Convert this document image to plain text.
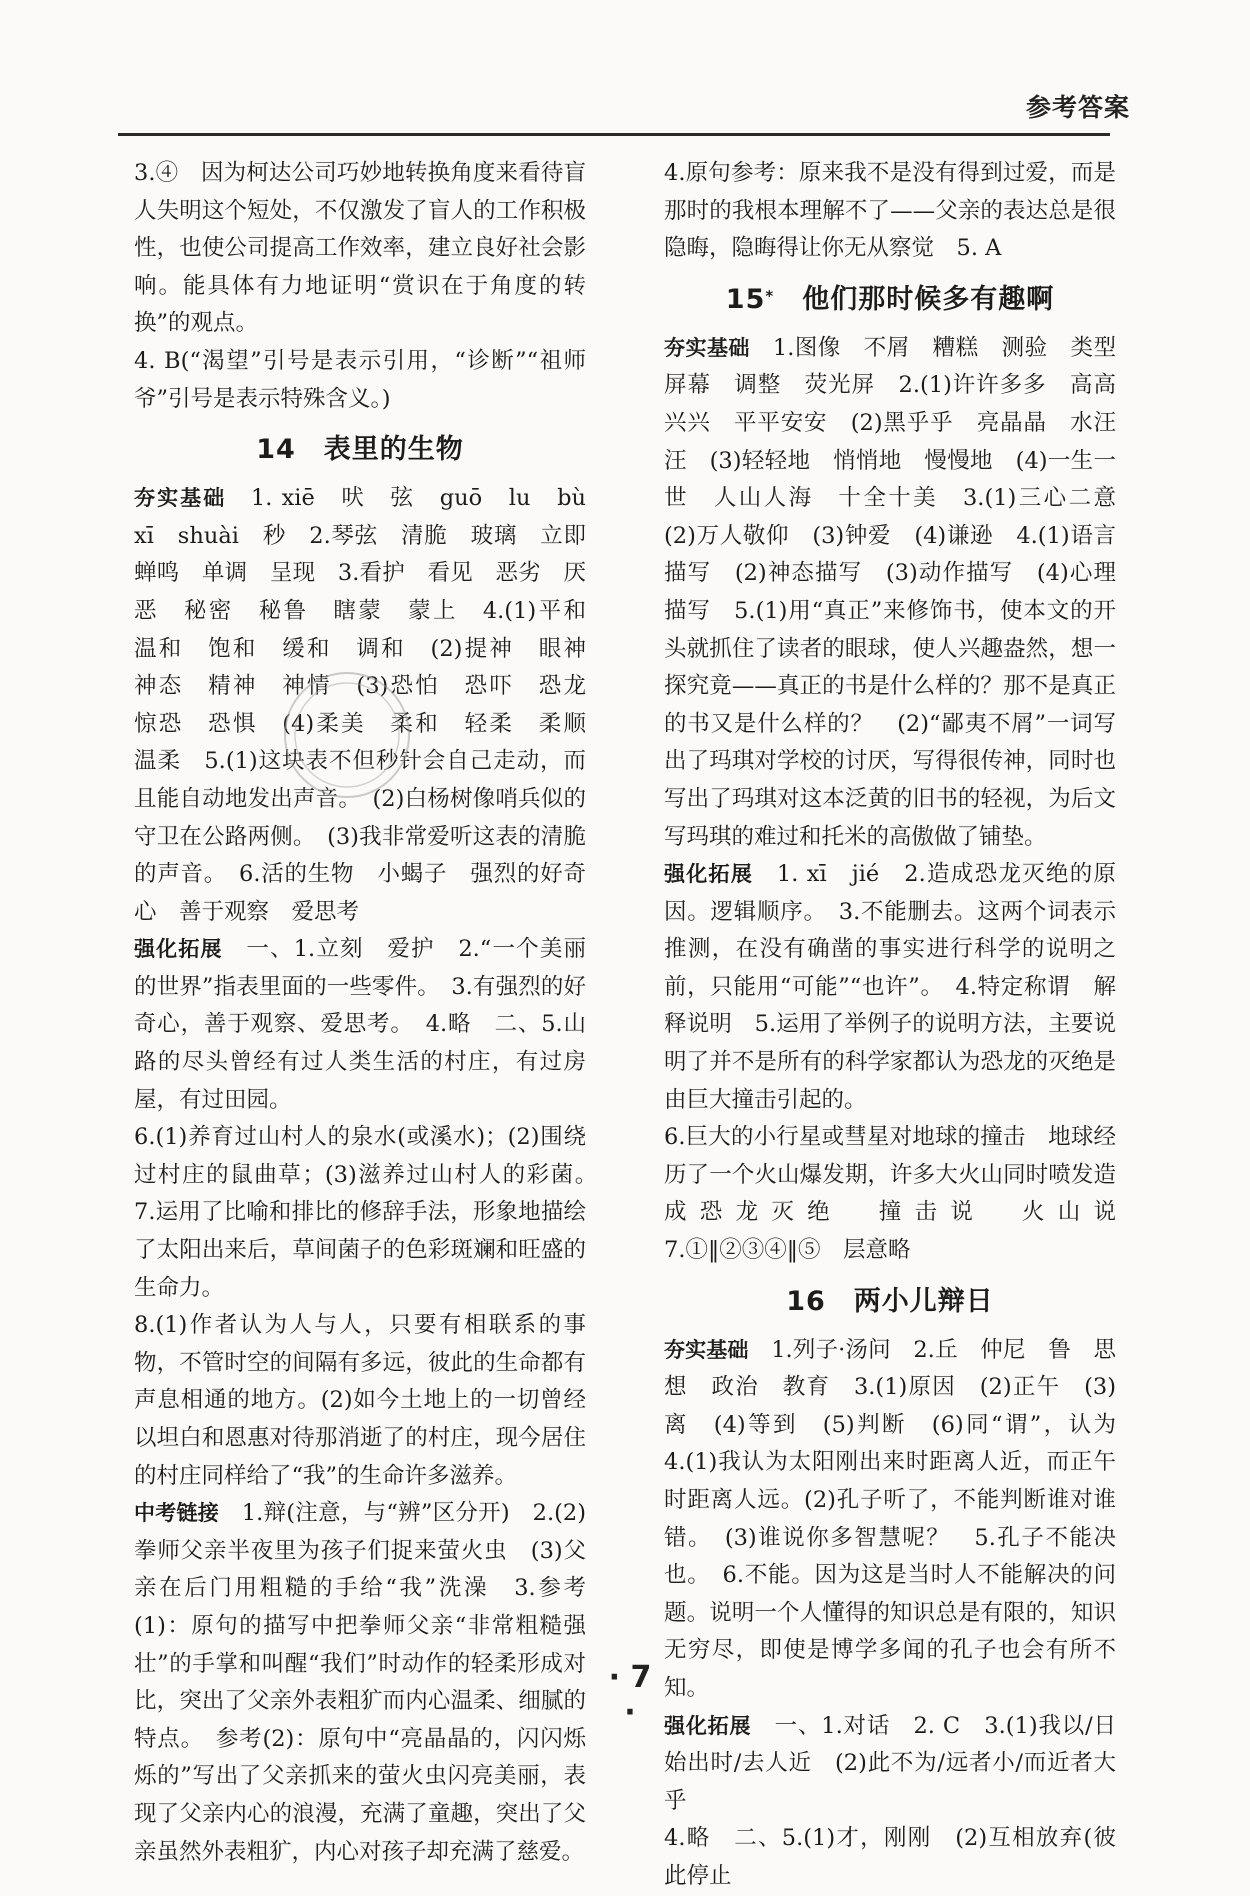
参考答案

3.④　因为柯达公司巧妙地转换角度来看待盲人失明这个短处，不仅激发了盲人的工作积极性，也使公司提高工作效率，建立良好社会影响。能具体有力地证明“赏识在于角度的转换”的观点。

4. B(“渴望”引号是表示引用，“诊断”“祖师爷”引号是表示特殊含义。)

14　 表里的生物

夯实基础　 1. xiē　吠　弦　guō　lu　bù　xī　shuài　秒　2.琴弦　清脆　玻璃　立即　蝉鸣　单调　呈现　3.看护　看见　恶劣　厌恶　秘密　秘鲁　瞎蒙　蒙上　4.(1)平和　温和　饱和　缓和　调和　(2)提神　眼神　神态　精神　神情　(3)恐怕　恐吓　恐龙　惊恐　恐惧　(4)柔美　柔和　轻柔　柔顺　温柔　5.(1)这块表不但秒针会自己走动，而且能自动地发出声音。　(2)白杨树像哨兵似的守卫在公路两侧。　(3)我非常爱听这表的清脆的声音。　6.活的生物　小蝎子　强烈的好奇心　善于观察　爱思考

强化拓展　 一、1.立刻　爱护　2.“一个美丽的世界”指表里面的一些零件。　3.有强烈的好奇心，善于观察、爱思考。　4.略　二、5.山路的尽头曾经有过人类生活的村庄，有过房屋，有过田园。

6.(1)养育过山村人的泉水(或溪水)；(2)围绕过村庄的鼠曲草；(3)滋养过山村人的彩菌。　7.运用了比喻和排比的修辞手法，形象地描绘了太阳出来后，草间菌子的色彩斑斓和旺盛的生命力。

8.(1)作者认为人与人，只要有相联系的事物，不管时空的间隔有多远，彼此的生命都有声息相通的地方。(2)如今土地上的一切曾经以坦白和恩惠对待那消逝了的村庄，现今居住的村庄同样给了“我”的生命许多滋养。

中考链接　 1.辩(注意，与“辨”区分开)　2.(2)拳师父亲半夜里为孩子们捉来萤火虫　(3)父亲在后门用粗糙的手给“我”洗澡　3.参考(1)：原句的描写中把拳师父亲“非常粗糙强壮”的手掌和叫醒“我们”时动作的轻柔形成对比，突出了父亲外表粗犷而内心温柔、细腻的特点。　参考(2)：原句中“亮晶晶的，闪闪烁烁的”写出了父亲抓来的萤火虫闪亮美丽，表现了父亲内心的浪漫，充满了童趣，突出了父亲虽然外表粗犷，内心对孩子却充满了慈爱。

4.原句参考：原来我不是没有得到过爱，而是那时的我根本理解不了——父亲的表达总是很隐晦，隐晦得让你无从察觉　5. A

15*　 他们那时候多有趣啊

夯实基础　 1.图像　不屑　糟糕　测验　类型　屏幕　调整　荧光屏　2.(1)许许多多　高高兴兴　平平安安　(2)黑乎乎　亮晶晶　水汪汪　(3)轻轻地　悄悄地　慢慢地　(4)一生一世　人山人海　十全十美　3.(1)三心二意　(2)万人敬仰　(3)钟爱　(4)谦逊　4.(1)语言描写　(2)神态描写　(3)动作描写　(4)心理描写　5.(1)用“真正”来修饰书，使本文的开头就抓住了读者的眼球，使人兴趣盎然，想一探究竟——真正的书是什么样的？那不是真正的书又是什么样的？　(2)“鄙夷不屑”一词写出了玛琪对学校的讨厌，写得很传神，同时也写出了玛琪对这本泛黄的旧书的轻视，为后文写玛琪的难过和托米的高傲做了铺垫。

强化拓展　 1. xī　jié　2.造成恐龙灭绝的原因。逻辑顺序。　3.不能删去。这两个词表示推测，在没有确凿的事实进行科学的说明之前，只能用“可能”“也许”。　4.特定称谓　解释说明　5.运用了举例子的说明方法，主要说明了并不是所有的科学家都认为恐龙的灭绝是由巨大撞击引起的。

6.巨大的小行星或彗星对地球的撞击　地球经历了一个火山爆发期，许多大火山同时喷发造成恐龙灭绝　撞击说　火山说　7.①‖②③④‖⑤　层意略

16　 两小儿辩日

夯实基础　 1.列子·汤问　2.丘　仲尼　鲁　思想　政治　教育　3.(1)原因　(2)正午　(3)离　(4)等到　(5)判断　(6)同“谓”，认为　4.(1)我认为太阳刚出来时距离人近，而正午时距离人远。(2)孔子听了，不能判断谁对谁错。　(3)谁说你多智慧呢？　5.孔子不能决也。　6.不能。因为这是当时人不能解决的问题。说明一个人懂得的知识总是有限的，知识无穷尽，即使是博学多闻的孔子也会有所不知。

强化拓展　 一、1.对话　2. C　3.(1)我以/日始出时/去人近　(2)此不为/远者小/而近者大乎

4.略　二、5.(1)才，刚刚　(2)互相放弃(彼此停止

· 7 ·
